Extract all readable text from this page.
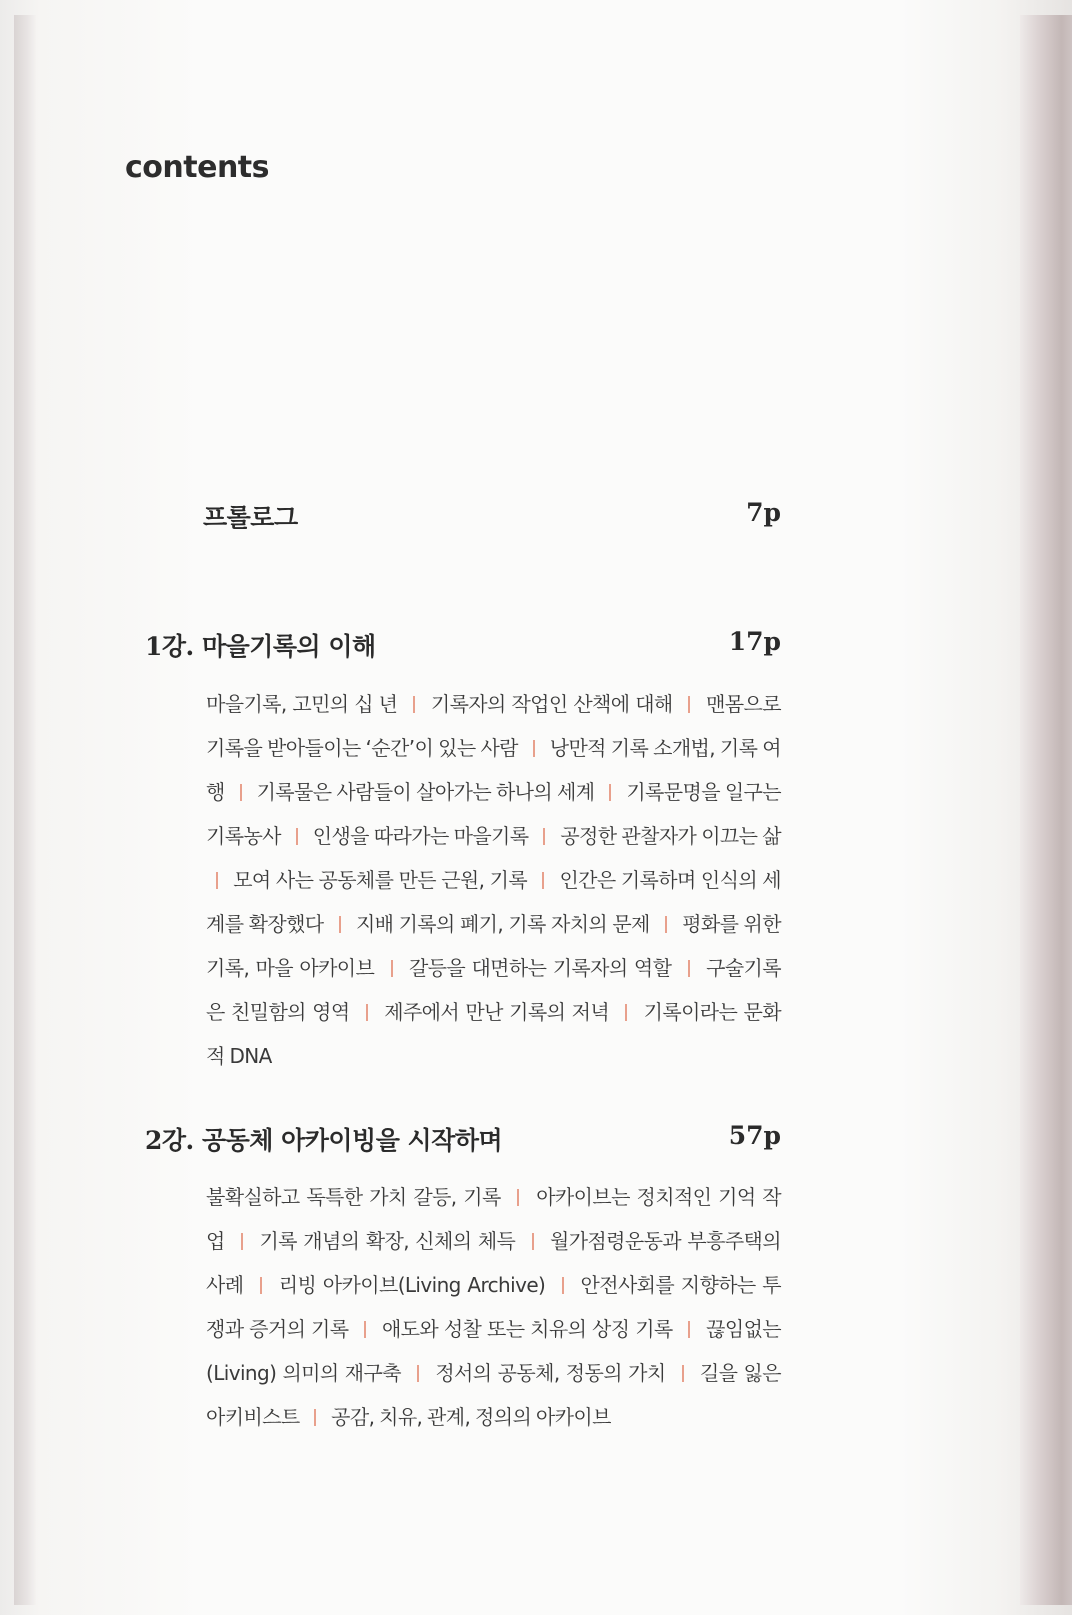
contents
프롤로그	7p
1강. 마을기록의 이해	17p
마을기록, 고민의 십 년 기록자의 작업인 산책에 대해 맨몸으로 기록을 받아들이는 ‘순간’이 있는 사람 낭만적 기록 소개법, 기록 여행 기록물은 사람들이 살아가는 하나의 세계 기록문명을 일구는 기록농사 인생을 따라가는 마을기록 공정한 관찰자가 이끄는 삶  모여 사는 공동체를 만든 근원, 기록 인간은 기록하며 인식의 세계를 확장했다 지배 기록의 폐기, 기록 자치의 문제 평화를 위한 기록, 마을 아카이브 갈등을 대면하는 기록자의 역할 구술기록은 친밀함의 영역 제주에서 만난 기록의 저녁 기록이라는 문화적 DNA
2강. 공동체 아카이빙을 시작하며	57p
불확실하고 독특한 가치 갈등, 기록 아카이브는 정치적인 기억 작업 기록 개념의 확장, 신체의 체득 월가점령운동과 부흥주택의 사례 리빙 아카이브(Living Archive) 안전사회를 지향하는 투쟁과 증거의 기록 애도와 성찰 또는 치유의 상징 기록 끊임없는(Living) 의미의 재구축 정서의 공동체, 정동의 가치 길을 잃은 아키비스트 공감, 치유, 관계, 정의의 아카이브
